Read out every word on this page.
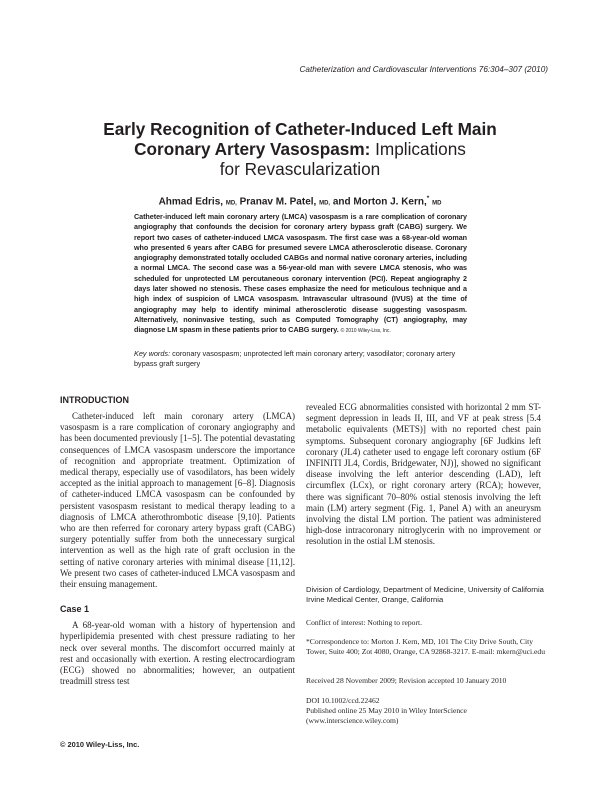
Catheterization and Cardiovascular Interventions 76:304–307 (2010)
Early Recognition of Catheter-Induced Left Main
Coronary Artery Vasospasm: Implications
for Revascularization
Ahmad Edris, MD, Pranav M. Patel, MD, and Morton J. Kern,* MD
Catheter-induced left main coronary artery (LMCA) vasospasm is a rare complication of coronary angiography that confounds the decision for coronary artery bypass graft (CABG) surgery. We report two cases of catheter-induced LMCA vasospasm. The first case was a 68-year-old woman who presented 6 years after CABG for presumed severe LMCA atherosclerotic disease. Coronary angiography demonstrated totally occluded CABGs and normal native coronary arteries, including a normal LMCA. The second case was a 56-year-old man with severe LMCA stenosis, who was scheduled for unprotected LM percutaneous coronary intervention (PCI). Repeat angiography 2 days later showed no stenosis. These cases emphasize the need for meticulous technique and a high index of suspicion of LMCA vasospasm. Intravascular ultrasound (IVUS) at the time of angiography may help to identify minimal atherosclerotic disease suggesting vasospasm. Alternatively, noninvasive testing, such as Computed Tomography (CT) angiography, may diagnose LM spasm in these patients prior to CABG surgery. © 2010 Wiley-Liss, Inc.
Key words: coronary vasospasm; unprotected left main coronary artery; vasodilator; coronary artery bypass graft surgery
INTRODUCTION

Catheter-induced left main coronary artery (LMCA) vasospasm is a rare complication of coronary angiography and has been documented previously [1–5]. The potential devastating consequences of LMCA vasospasm underscore the importance of recognition and appropriate treatment. Optimization of medical therapy, especially use of vasodilators, has been widely accepted as the initial approach to management [6–8]. Diagnosis of catheter-induced LMCA vasospasm can be confounded by persistent vasospasm resistant to medical therapy leading to a diagnosis of LMCA atherothrombotic disease [9,10]. Patients who are then referred for coronary artery bypass graft (CABG) surgery potentially suffer from both the unnecessary surgical intervention as well as the high rate of graft occlusion in the setting of native coronary arteries with minimal disease [11,12]. We present two cases of catheter-induced LMCA vasospasm and their ensuing management.

Case 1

A 68-year-old woman with a history of hypertension and hyperlipidemia presented with chest pressure radiating to her neck over several months. The discomfort occurred mainly at rest and occasionally with exertion. A resting electrocardiogram (ECG) showed no abnormalities; however, an outpatient treadmill stress test

revealed ECG abnormalities consisted with horizontal 2 mm ST-segment depression in leads II, III, and VF at peak stress [5.4 metabolic equivalents (METS)] with no reported chest pain symptoms. Subsequent coronary angiography [6F Judkins left coronary (JL4) catheter used to engage left coronary ostium (6F INFINITI JL4, Cordis, Bridgewater, NJ)], showed no significant disease involving the left anterior descending (LAD), left circumflex (LCx), or right coronary artery (RCA); however, there was significant 70–80% ostial stenosis involving the left main (LM) artery segment (Fig. 1, Panel A) with an aneurysm involving the distal LM portion. The patient was administered high-dose intracoronary nitroglycerin with no improvement or resolution in the ostial LM stenosis.

Division of Cardiology, Department of Medicine, University of California Irvine Medical Center, Orange, California
Conflict of interest: Nothing to report.
*Correspondence to: Morton J. Kern, MD, 101 The City Drive South, City Tower, Suite 400; Zot 4080, Orange, CA 92868-3217. E-mail: mkern@uci.edu
Received 28 November 2009; Revision accepted 10 January 2010
DOI 10.1002/ccd.22462
Published online 25 May 2010 in Wiley InterScience (www.interscience.wiley.com)
© 2010 Wiley-Liss, Inc.
